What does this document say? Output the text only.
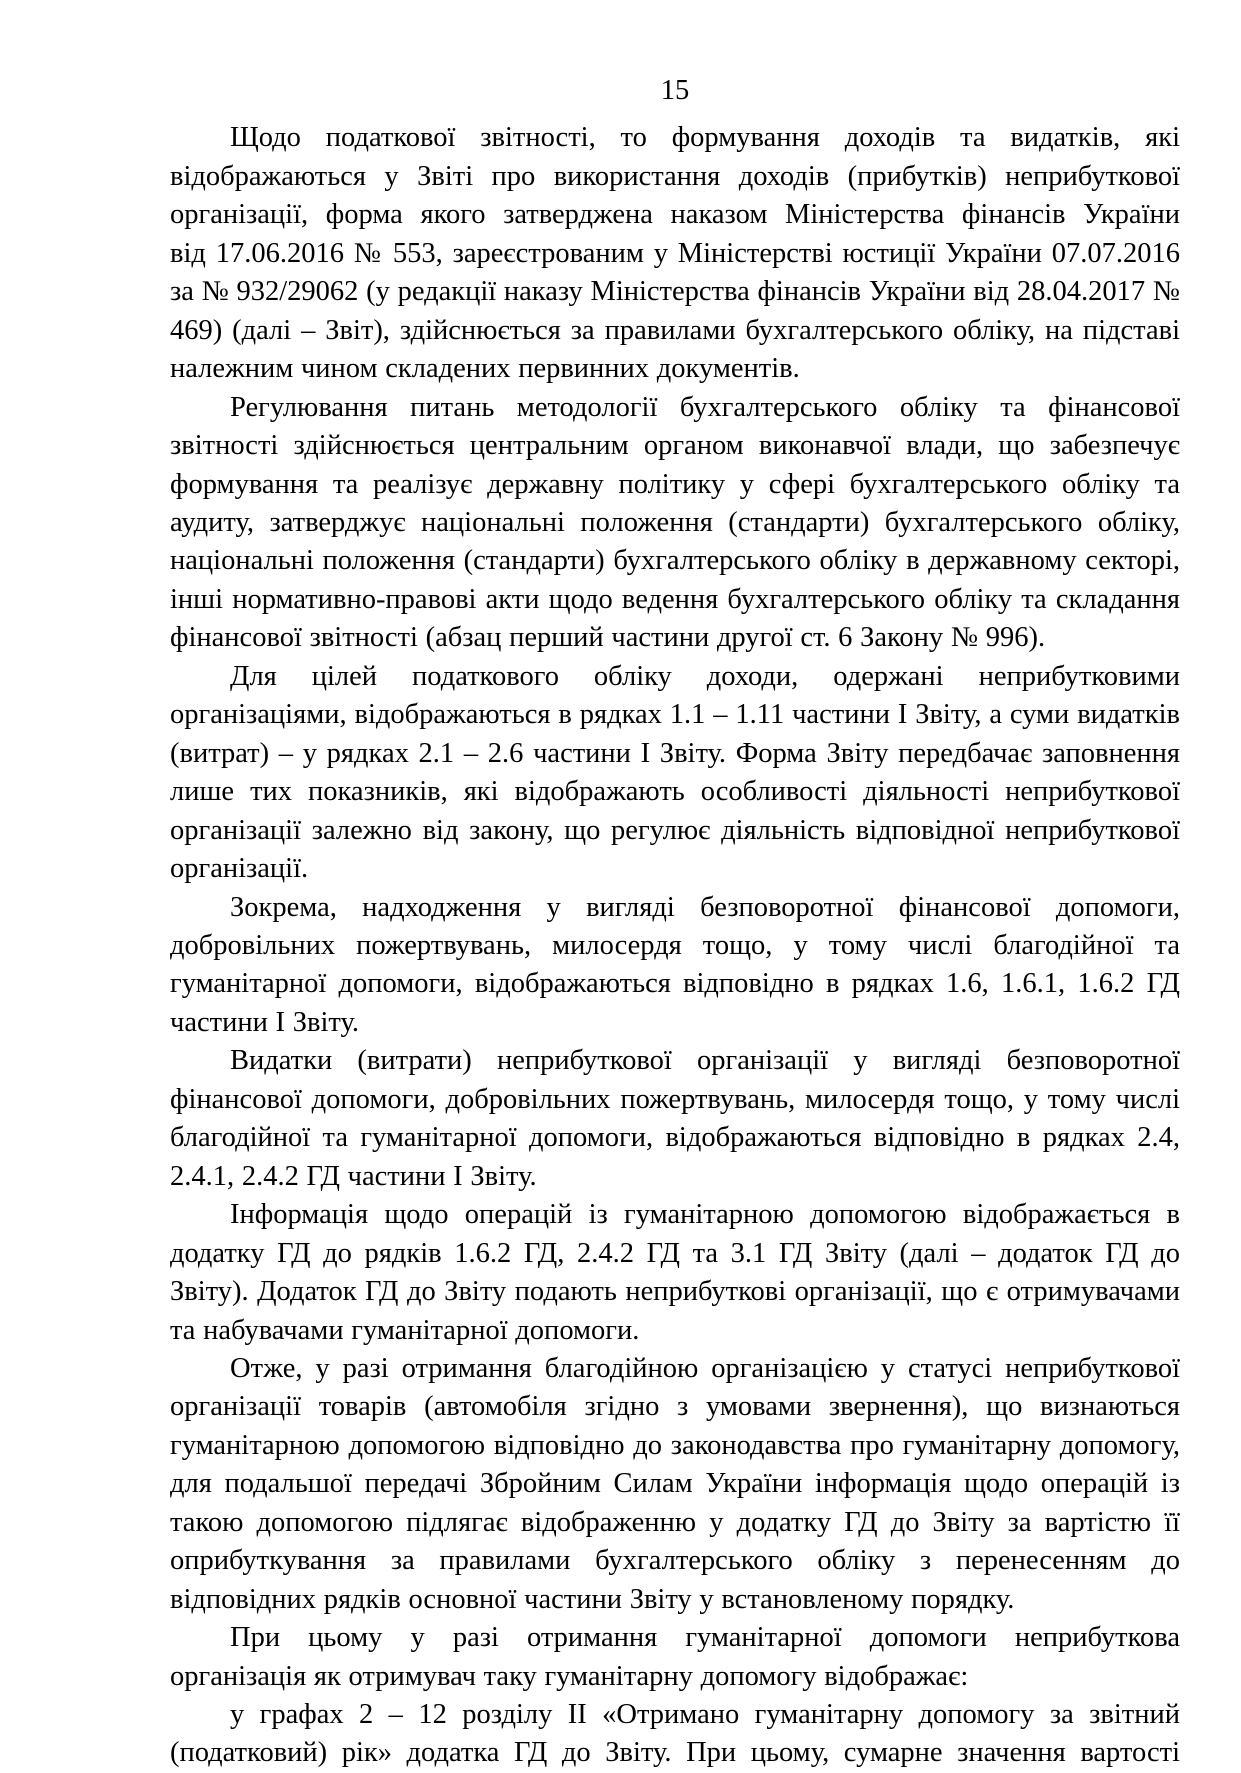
15

Щодо податкової звітності, то формування доходів та видатків, які відображаються у Звіті про використання доходів (прибутків) неприбуткової організації, форма якого затверджена наказом Міністерства фінансів України від 17.06.2016 № 553, зареєстрованим у Міністерстві юстиції України 07.07.2016 за № 932/29062 (у редакції наказу Міністерства фінансів України від 28.04.2017 № 469) (далі – Звіт), здійснюється за правилами бухгалтерського обліку, на підставі належним чином складених первинних документів.

Регулювання питань методології бухгалтерського обліку та фінансової звітності здійснюється центральним органом виконавчої влади, що забезпечує формування та реалізує державну політику у сфері бухгалтерського обліку та аудиту, затверджує національні положення (стандарти) бухгалтерського обліку, національні положення (стандарти) бухгалтерського обліку в державному секторі, інші нормативно-правові акти щодо ведення бухгалтерського обліку та складання фінансової звітності (абзац перший частини другої ст. 6 Закону № 996).

Для цілей податкового обліку доходи, одержані неприбутковими організаціями, відображаються в рядках 1.1 – 1.11 частини І Звіту, а суми видатків (витрат) – у рядках 2.1 – 2.6 частини І Звіту. Форма Звіту передбачає заповнення лише тих показників, які відображають особливості діяльності неприбуткової організації залежно від закону, що регулює діяльність відповідної неприбуткової організації.

Зокрема, надходження у вигляді безповоротної фінансової допомоги, добровільних пожертвувань, милосердя тощо, у тому числі благодійної та гуманітарної допомоги, відображаються відповідно в рядках 1.6, 1.6.1, 1.6.2 ГД частини І Звіту.

Видатки (витрати) неприбуткової організації у вигляді безповоротної фінансової допомоги, добровільних пожертвувань, милосердя тощо, у тому числі благодійної та гуманітарної допомоги, відображаються відповідно в рядках 2.4, 2.4.1, 2.4.2 ГД частини І Звіту.

Інформація щодо операцій із гуманітарною допомогою відображається в додатку ГД до рядків 1.6.2 ГД, 2.4.2 ГД та 3.1 ГД Звіту (далі – додаток ГД до Звіту). Додаток ГД до Звіту подають неприбуткові організації, що є отримувачами та набувачами гуманітарної допомоги.

Отже, у разі отримання благодійною організацією у статусі неприбуткової організації товарів (автомобіля згідно з умовами звернення), що визнаються гуманітарною допомогою відповідно до законодавства про гуманітарну допомогу, для подальшої передачі Збройним Силам України інформація щодо операцій із такою допомогою підлягає відображенню у додатку ГД до Звіту за вартістю її оприбуткування за правилами бухгалтерського обліку з перенесенням до відповідних рядків основної частини Звіту у встановленому порядку.

При цьому у разі отримання гуманітарної допомоги неприбуткова організація як отримувач таку гуманітарну допомогу відображає:

у графах 2 – 12 розділу ІІ «Отримано гуманітарну допомогу за звітний (податковий) рік» додатка ГД до Звіту. При цьому, сумарне значення вартості
